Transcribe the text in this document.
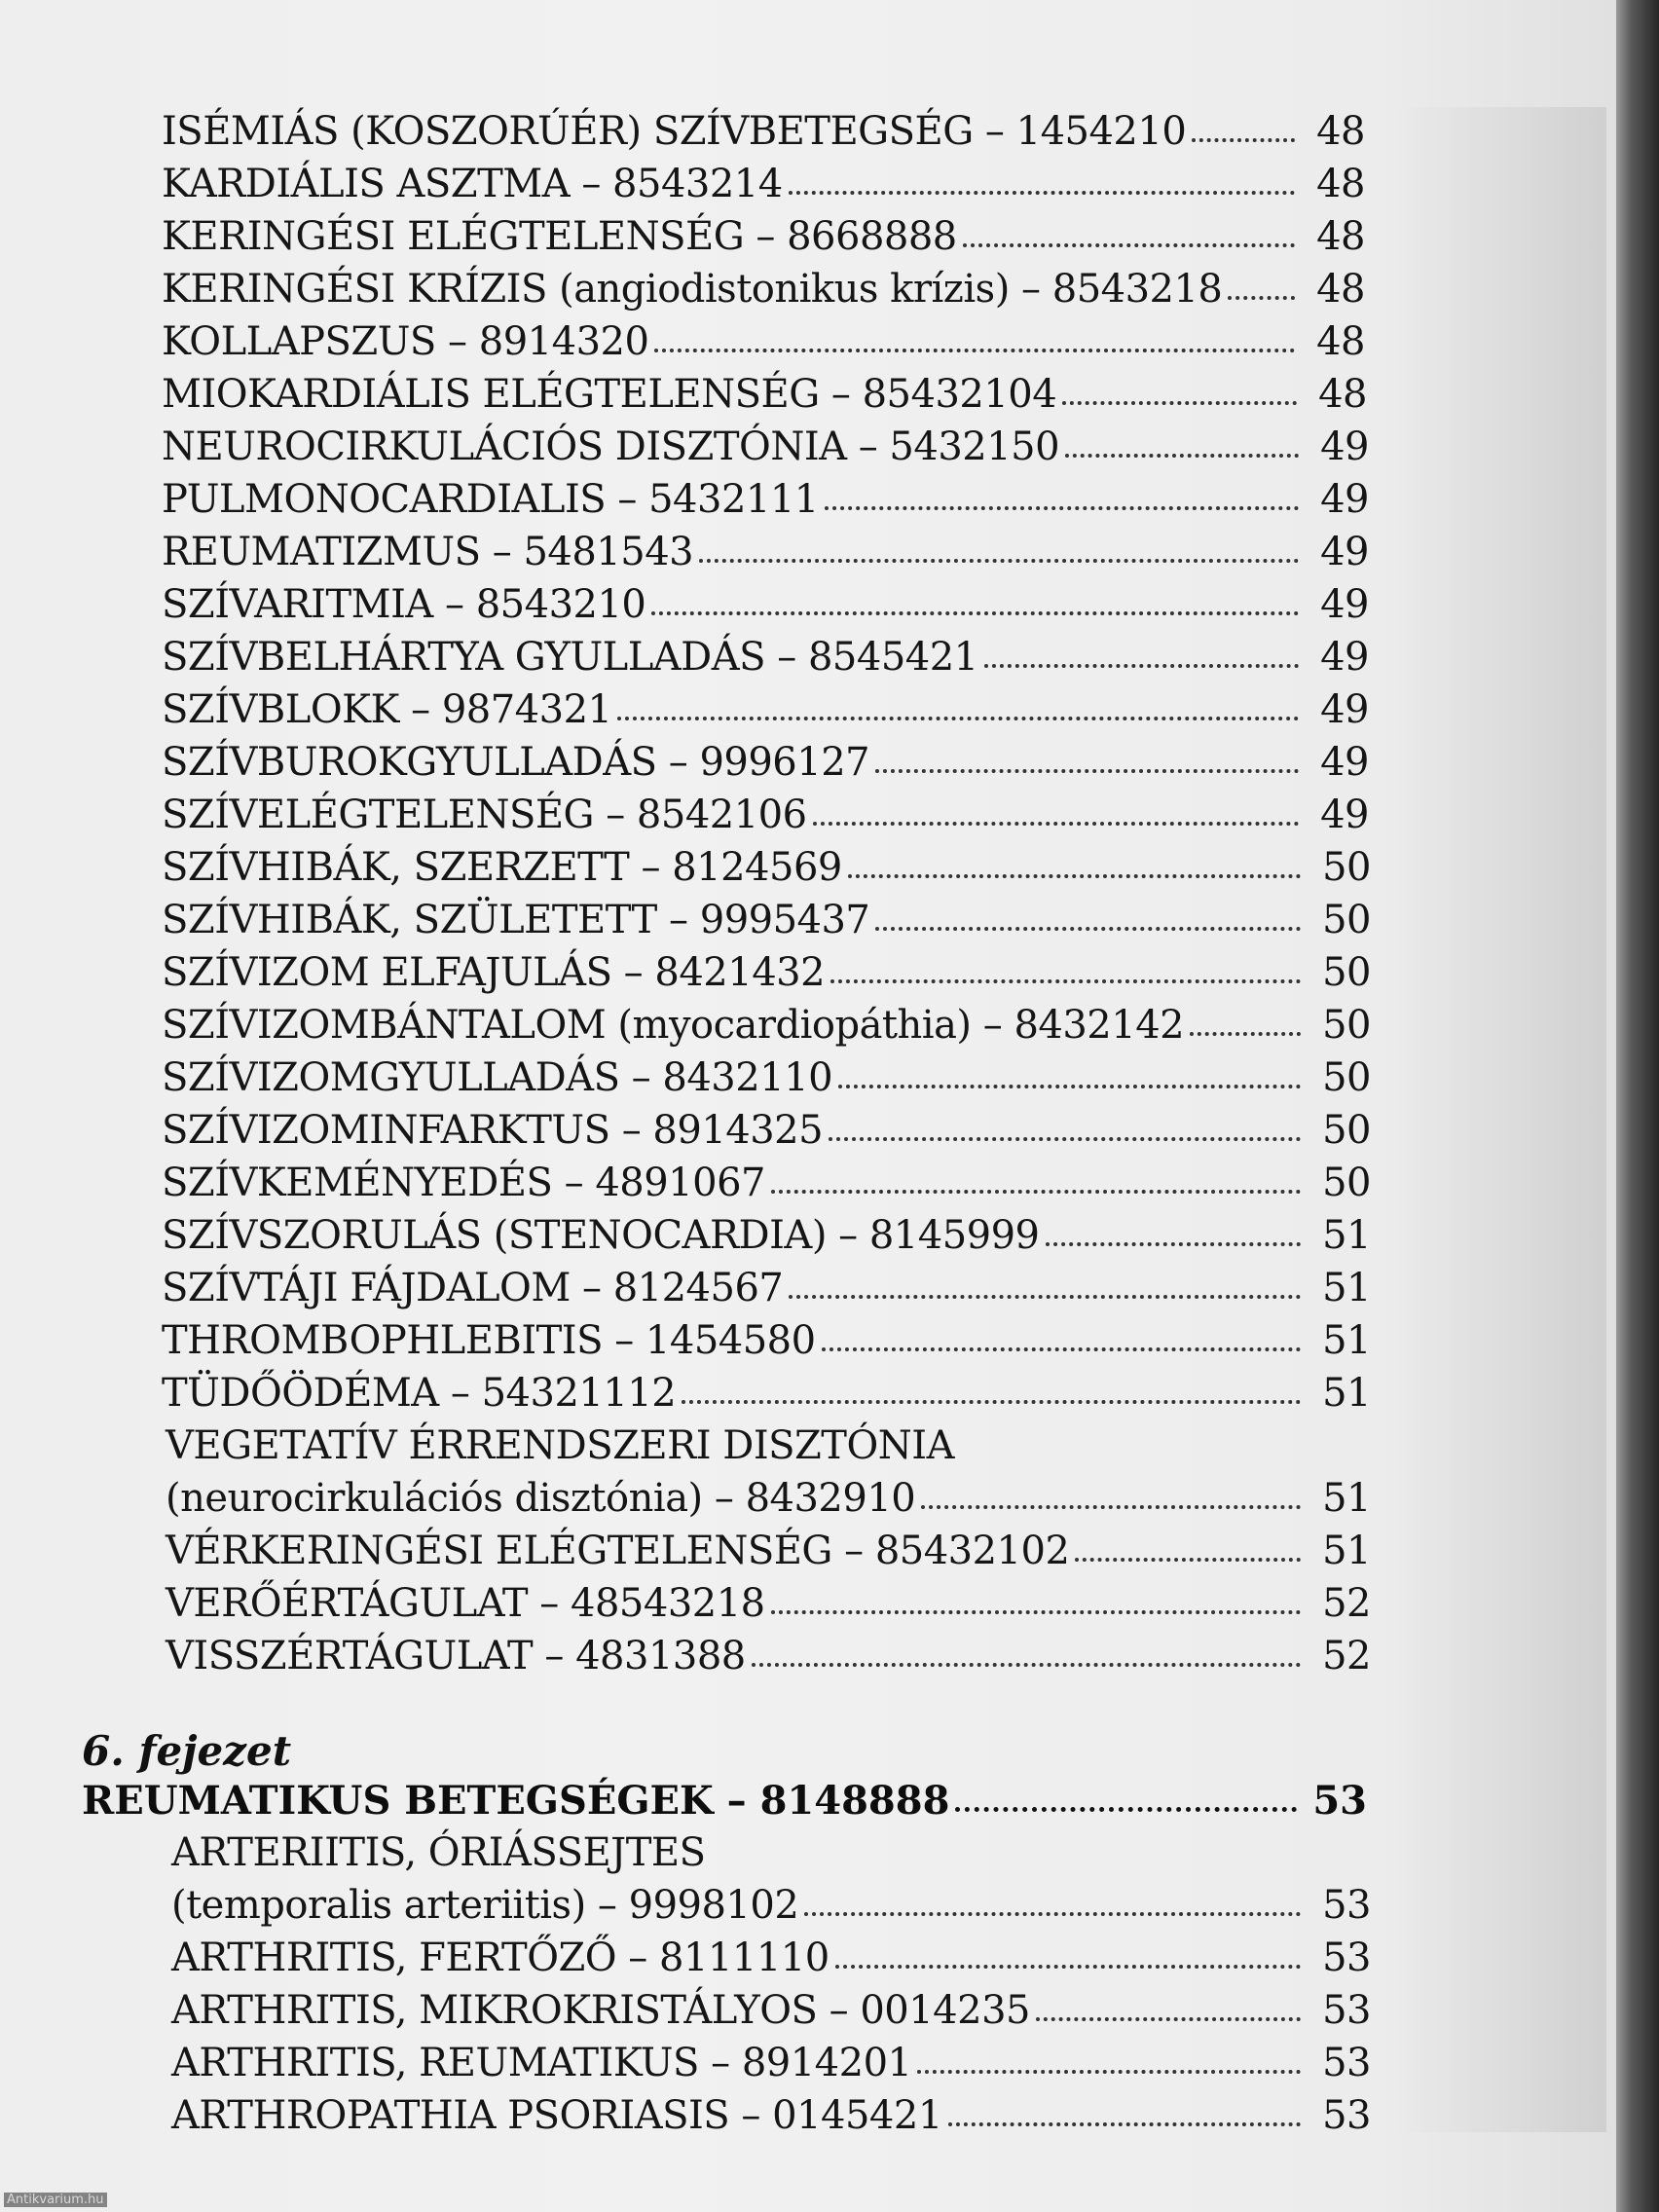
ISÉMIÁS (KOSZORÚÉR) SZÍVBETEGSÉG – 1454210	48
KARDIÁLIS ASZTMA – 8543214	48
KERINGÉSI ELÉGTELENSÉG – 8668888	48
KERINGÉSI KRÍZIS (angiodistonikus krízis) – 8543218	48
KOLLAPSZUS – 8914320	48
MIOKARDIÁLIS ELÉGTELENSÉG – 85432104	48
NEUROCIRKULÁCIÓS DISZTÓNIA – 5432150	49
PULMONOCARDIALIS – 5432111	49
REUMATIZMUS – 5481543	49
SZÍVARITMIA – 8543210	49
SZÍVBELHÁRTYA GYULLADÁS – 8545421	49
SZÍVBLOKK – 9874321	49
SZÍVBUROKGYULLADÁS – 9996127	49
SZÍVELÉGTELENSÉG – 8542106	49
SZÍVHIBÁK, SZERZETT – 8124569	50
SZÍVHIBÁK, SZÜLETETT – 9995437	50
SZÍVIZOM ELFAJULÁS – 8421432	50
SZÍVIZOMBÁNTALOM (myocardiopáthia) – 8432142	50
SZÍVIZOMGYULLADÁS – 8432110	50
SZÍVIZOMINFARKTUS – 8914325	50
SZÍVKEMÉNYEDÉS – 4891067	50
SZÍVSZORULÁS (STENOCARDIA) – 8145999	51
SZÍVTÁJI FÁJDALOM – 8124567	51
THROMBOPHLEBITIS – 1454580	51
TÜDŐÖDÉMA – 54321112	51
VEGETATÍV ÉRRENDSZERI DISZTÓNIA
(neurocirkulációs disztónia) – 8432910	51
VÉRKERINGÉSI ELÉGTELENSÉG – 85432102	51
VERŐÉRTÁGULAT – 48543218	52
VISSZÉRTÁGULAT – 4831388	52
6. fejezet
REUMATIKUS BETEGSÉGEK – 8148888	53
ARTERIITIS, ÓRIÁSSEJTES
(temporalis arteriitis) – 9998102	53
ARTHRITIS, FERTŐZŐ – 8111110	53
ARTHRITIS, MIKROKRISTÁLYOS – 0014235	53
ARTHRITIS, REUMATIKUS – 8914201	53
ARTHROPATHIA PSORIASIS – 0145421	53
Antikvarium.hu
